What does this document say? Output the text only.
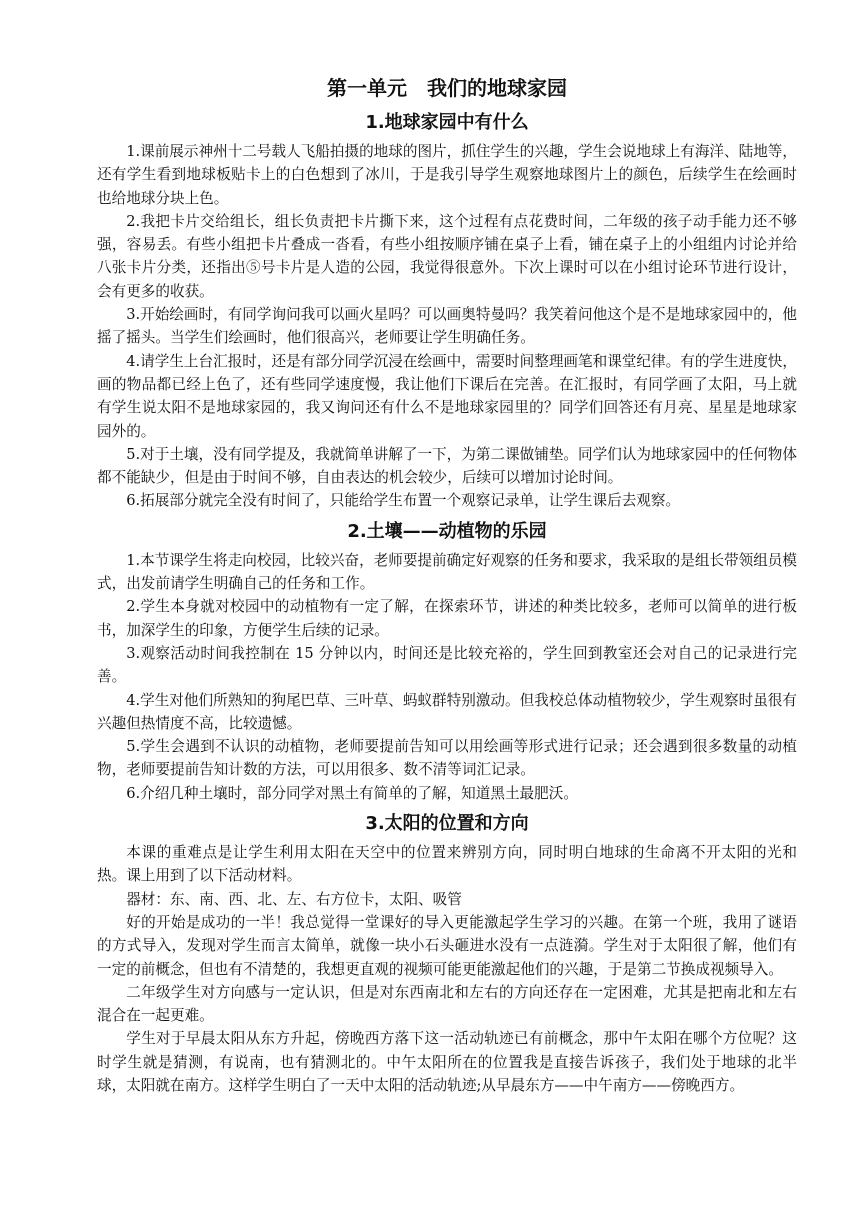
第一单元　我们的地球家园
1.地球家园中有什么

1.课前展示神州十二号载人飞船拍摄的地球的图片，抓住学生的兴趣，学生会说地球上有海洋、陆地等，还有学生看到地球板贴卡上的白色想到了冰川，于是我引导学生观察地球图片上的颜色，后续学生在绘画时也给地球分块上色。

2.我把卡片交给组长，组长负责把卡片撕下来，这个过程有点花费时间，二年级的孩子动手能力还不够强，容易丢。有些小组把卡片叠成一沓看，有些小组按顺序铺在桌子上看，铺在桌子上的小组组内讨论并给八张卡片分类，还指出⑤号卡片是人造的公园，我觉得很意外。下次上课时可以在小组讨论环节进行设计，会有更多的收获。

3.开始绘画时，有同学询问我可以画火星吗？可以画奥特曼吗？我笑着问他这个是不是地球家园中的，他摇了摇头。当学生们绘画时，他们很高兴，老师要让学生明确任务。

4.请学生上台汇报时，还是有部分同学沉浸在绘画中，需要时间整理画笔和课堂纪律。有的学生进度快，画的物品都已经上色了，还有些同学速度慢，我让他们下课后在完善。在汇报时，有同学画了太阳，马上就有学生说太阳不是地球家园的，我又询问还有什么不是地球家园里的？同学们回答还有月亮、星星是地球家园外的。

5.对于土壤，没有同学提及，我就简单讲解了一下，为第二课做铺垫。同学们认为地球家园中的任何物体都不能缺少，但是由于时间不够，自由表达的机会较少，后续可以增加讨论时间。

6.拓展部分就完全没有时间了，只能给学生布置一个观察记录单，让学生课后去观察。

2.土壤——动植物的乐园

1.本节课学生将走向校园，比较兴奋，老师要提前确定好观察的任务和要求，我采取的是组长带领组员模式，出发前请学生明确自己的任务和工作。

2.学生本身就对校园中的动植物有一定了解，在探索环节，讲述的种类比较多，老师可以简单的进行板书，加深学生的印象，方便学生后续的记录。

3.观察活动时间我控制在 15 分钟以内，时间还是比较充裕的，学生回到教室还会对自己的记录进行完善。

4.学生对他们所熟知的狗尾巴草、三叶草、蚂蚁群特别激动。但我校总体动植物较少，学生观察时虽很有兴趣但热情度不高，比较遗憾。

5.学生会遇到不认识的动植物，老师要提前告知可以用绘画等形式进行记录；还会遇到很多数量的动植物，老师要提前告知计数的方法，可以用很多、数不清等词汇记录。

6.介绍几种土壤时，部分同学对黑土有简单的了解，知道黑土最肥沃。

3.太阳的位置和方向

本课的重难点是让学生利用太阳在天空中的位置来辨别方向，同时明白地球的生命离不开太阳的光和热。课上用到了以下活动材料。

器材：东、南、西、北、左、右方位卡，太阳、吸管

好的开始是成功的一半！我总觉得一堂课好的导入更能激起学生学习的兴趣。在第一个班，我用了谜语的方式导入，发现对学生而言太简单，就像一块小石头砸进水没有一点涟漪。学生对于太阳很了解，他们有一定的前概念，但也有不清楚的，我想更直观的视频可能更能激起他们的兴趣，于是第二节换成视频导入。

二年级学生对方向感与一定认识，但是对东西南北和左右的方向还存在一定困难，尤其是把南北和左右混合在一起更难。

学生对于早晨太阳从东方升起，傍晚西方落下这一活动轨迹已有前概念，那中午太阳在哪个方位呢？这时学生就是猜测，有说南，也有猜测北的。中午太阳所在的位置我是直接告诉孩子，我们处于地球的北半球，太阳就在南方。这样学生明白了一天中太阳的活动轨迹;从早晨东方——中午南方——傍晚西方。
